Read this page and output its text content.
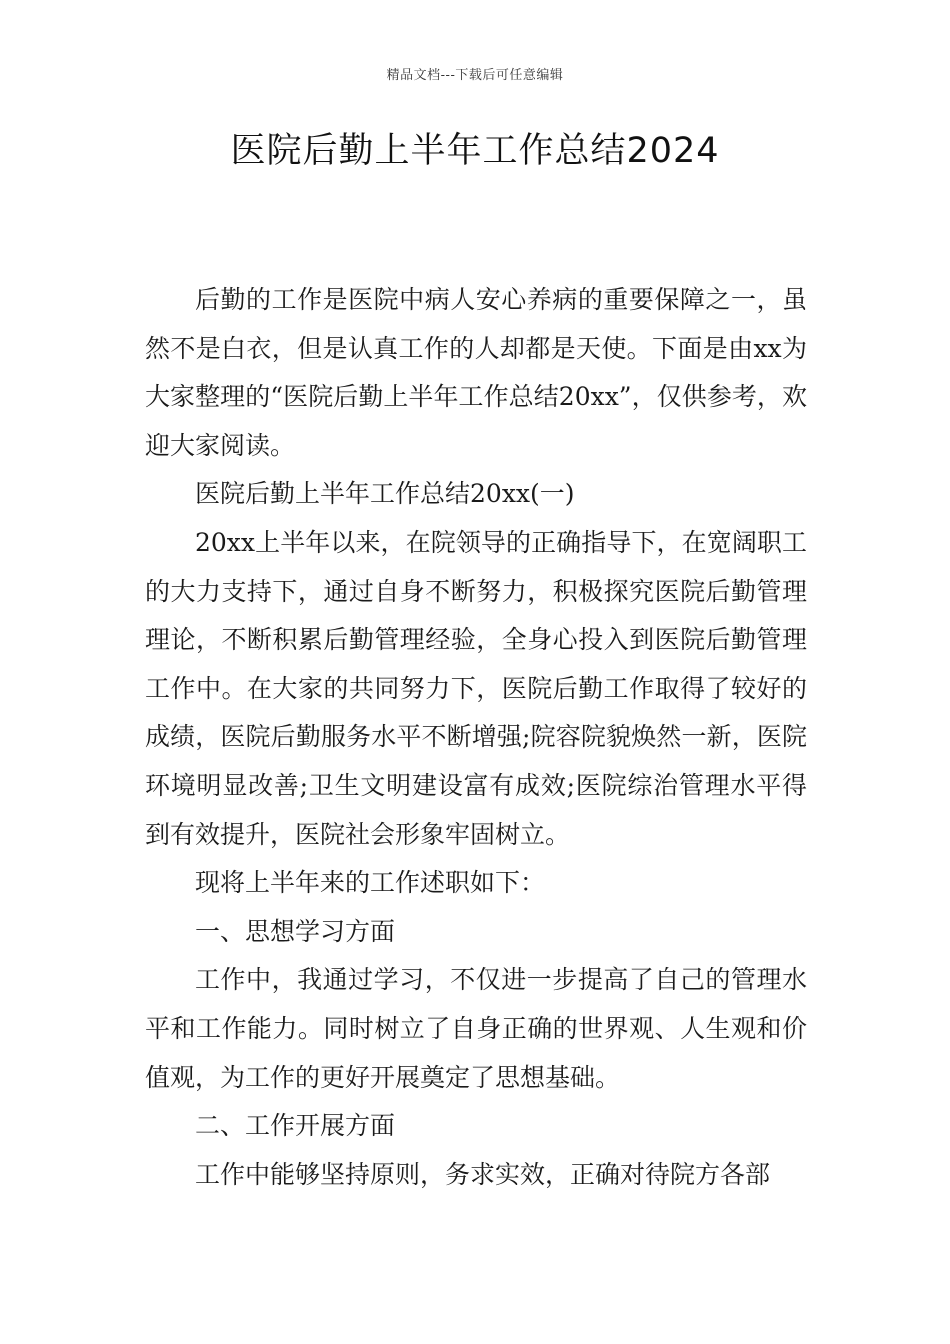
精品文档---下载后可任意编辑
医院后勤上半年工作总结2024

后勤的工作是医院中病人安心养病的重要保障之一，虽然不是白衣，但是认真工作的人却都是天使。下面是由xx为大家整理的“医院后勤上半年工作总结20xx”，仅供参考，欢迎大家阅读。

医院后勤上半年工作总结20xx(一)

20xx上半年以来，在院领导的正确指导下，在宽阔职工的大力支持下，通过自身不断努力，积极探究医院后勤管理理论，不断积累后勤管理经验，全身心投入到医院后勤管理工作中。在大家的共同努力下，医院后勤工作取得了较好的成绩，医院后勤服务水平不断增强;院容院貌焕然一新，医院环境明显改善;卫生文明建设富有成效;医院综治管理水平得到有效提升，医院社会形象牢固树立。

现将上半年来的工作述职如下：

一、思想学习方面

工作中，我通过学习，不仅进一步提高了自己的管理水平和工作能力。同时树立了自身正确的世界观、人生观和价值观，为工作的更好开展奠定了思想基础。

二、工作开展方面

工作中能够坚持原则，务求实效，正确对待院方各部
